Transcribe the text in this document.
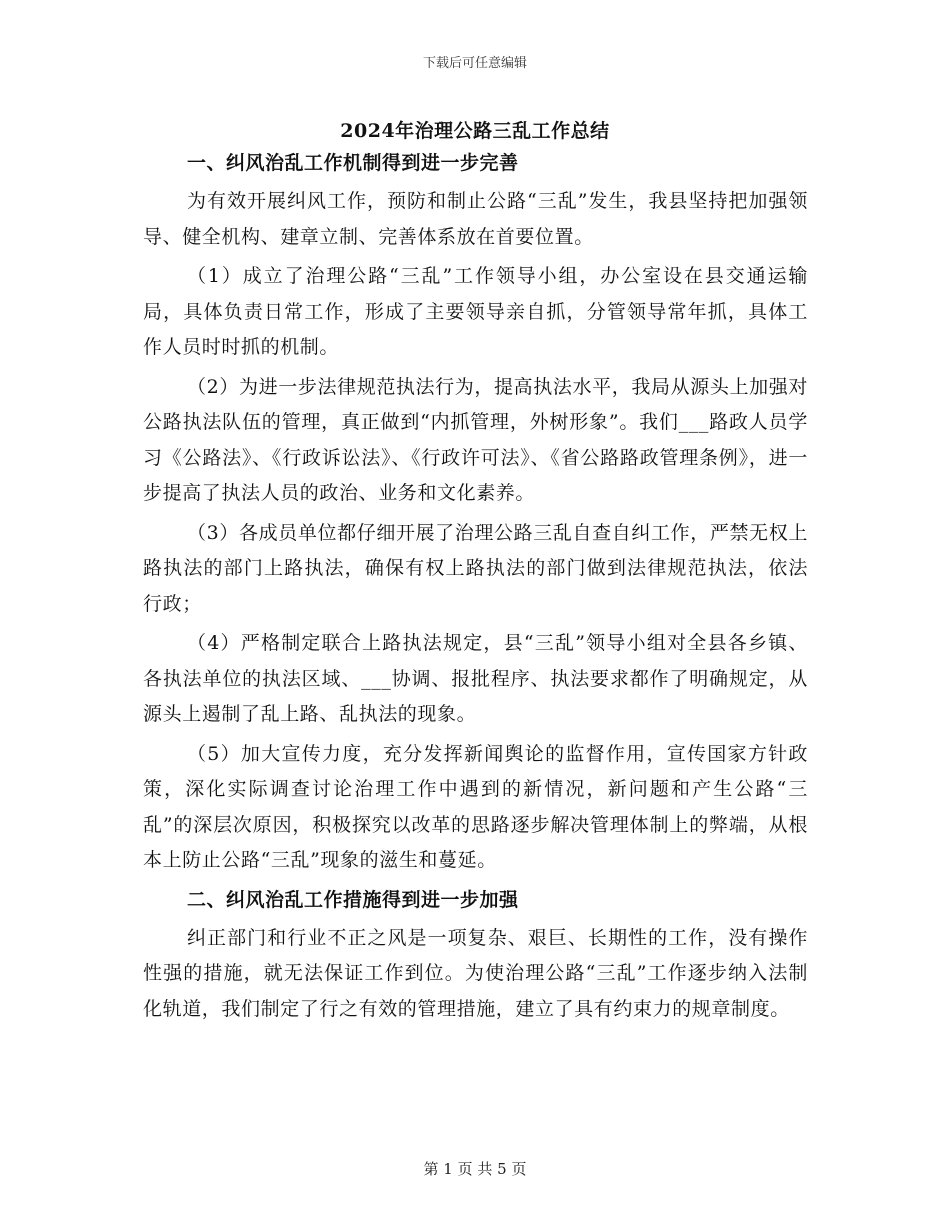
下载后可任意编辑
2024年治理公路三乱工作总结
一、纠风治乱工作机制得到进一步完善

为有效开展纠风工作，预防和制止公路“三乱”发生，我县坚持把加强领导、健全机构、建章立制、完善体系放在首要位置。

（1）成立了治理公路“三乱”工作领导小组，办公室设在县交通运输局，具体负责日常工作，形成了主要领导亲自抓，分管领导常年抓，具体工作人员时时抓的机制。

（2）为进一步法律规范执法行为，提高执法水平，我局从源头上加强对公路执法队伍的管理，真正做到“内抓管理，外树形象”。我们___路政人员学习《公路法》、《行政诉讼法》、《行政许可法》、《省公路路政管理条例》，进一步提高了执法人员的政治、业务和文化素养。

（3）各成员单位都仔细开展了治理公路三乱自查自纠工作，严禁无权上路执法的部门上路执法，确保有权上路执法的部门做到法律规范执法，依法行政；

（4）严格制定联合上路执法规定，县“三乱”领导小组对全县各乡镇、各执法单位的执法区域、___协调、报批程序、执法要求都作了明确规定，从源头上遏制了乱上路、乱执法的现象。

（5）加大宣传力度，充分发挥新闻舆论的监督作用，宣传国家方针政策，深化实际调查讨论治理工作中遇到的新情况，新问题和产生公路“三乱”的深层次原因，积极探究以改革的思路逐步解决管理体制上的弊端，从根本上防止公路“三乱”现象的滋生和蔓延。

二、纠风治乱工作措施得到进一步加强

纠正部门和行业不正之风是一项复杂、艰巨、长期性的工作，没有操作性强的措施，就无法保证工作到位。为使治理公路“三乱”工作逐步纳入法制化轨道，我们制定了行之有效的管理措施，建立了具有约束力的规章制度。

第 1 页 共 5 页
